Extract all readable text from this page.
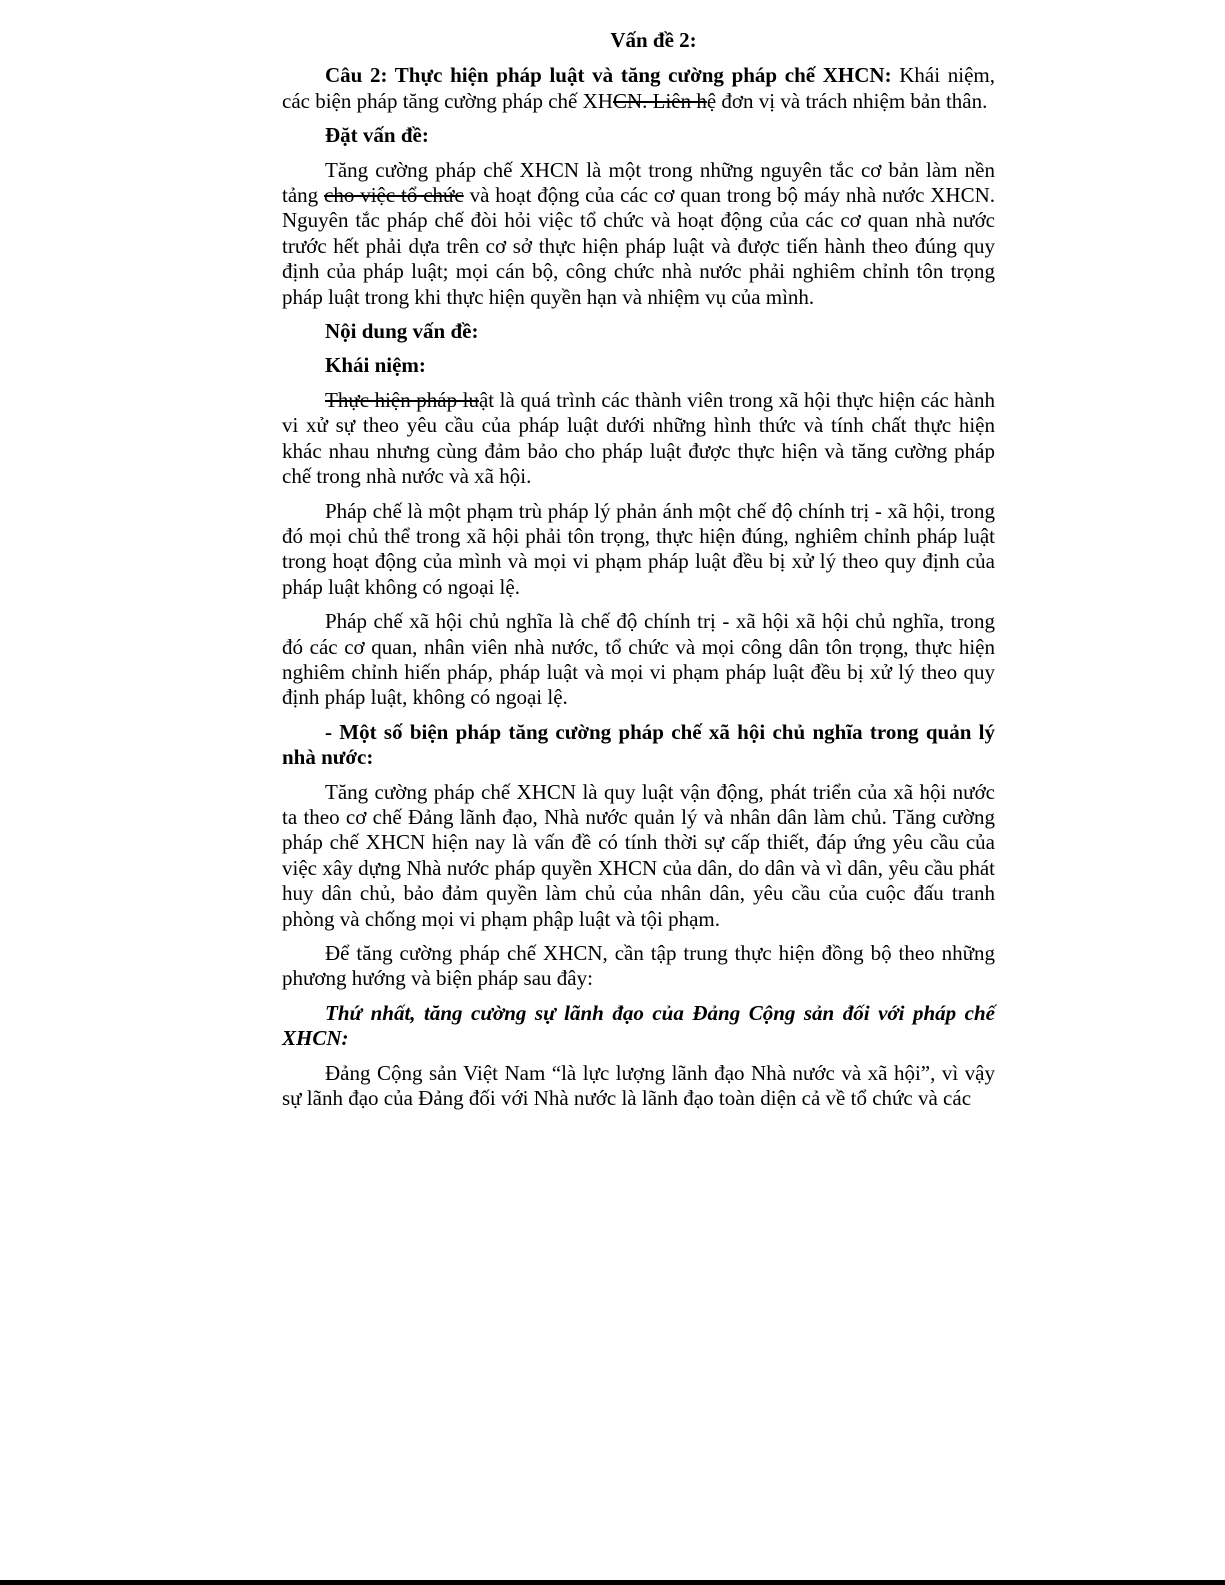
Vấn đề 2:
Câu 2: Thực hiện pháp luật và tăng cường pháp chế XHCN: Khái niệm, các biện pháp tăng cường pháp chế XHCN. Liên hệ đơn vị và trách nhiệm bản thân.
Đặt vấn đề:
Tăng cường pháp chế XHCN là một trong những nguyên tắc cơ bản làm nền tảng cho việc tổ chức và hoạt động của các cơ quan trong bộ máy nhà nước XHCN. Nguyên tắc pháp chế đòi hỏi việc tổ chức và hoạt động của các cơ quan nhà nước trước hết phải dựa trên cơ sở thực hiện pháp luật và được tiến hành theo đúng quy định của pháp luật; mọi cán bộ, công chức nhà nước phải nghiêm chỉnh tôn trọng pháp luật trong khi thực hiện quyền hạn và nhiệm vụ của mình.
Nội dung vấn đề:
Khái niệm:
Thực hiện pháp luật là quá trình các thành viên trong xã hội thực hiện các hành vi xử sự theo yêu cầu của pháp luật dưới những hình thức và tính chất thực hiện khác nhau nhưng cùng đảm bảo cho pháp luật được thực hiện và tăng cường pháp chế trong nhà nước và xã hội.
Pháp chế là một phạm trù pháp lý phản ánh một chế độ chính trị - xã hội, trong đó mọi chủ thể trong xã hội phải tôn trọng, thực hiện đúng, nghiêm chỉnh pháp luật trong hoạt động của mình và mọi vi phạm pháp luật đều bị xử lý theo quy định của pháp luật không có ngoại lệ.
Pháp chế xã hội chủ nghĩa là chế độ chính trị - xã hội xã hội chủ nghĩa, trong đó các cơ quan, nhân viên nhà nước, tổ chức và mọi công dân tôn trọng, thực hiện nghiêm chỉnh hiến pháp, pháp luật và mọi vi phạm pháp luật đều bị xử lý theo quy định pháp luật, không có ngoại lệ.
- Một số biện pháp tăng cường pháp chế xã hội chủ nghĩa trong quản lý nhà nước:
Tăng cường pháp chế XHCN là quy luật vận động, phát triển của xã hội nước ta theo cơ chế Đảng lãnh đạo, Nhà nước quản lý và nhân dân làm chủ. Tăng cường pháp chế XHCN hiện nay là vấn đề có tính thời sự cấp thiết, đáp ứng yêu cầu của việc xây dựng Nhà nước pháp quyền XHCN của dân, do dân và vì dân, yêu cầu phát huy dân chủ, bảo đảm quyền làm chủ của nhân dân, yêu cầu của cuộc đấu tranh phòng và chống mọi vi phạm phập luật và tội phạm.
Để tăng cường pháp chế XHCN, cần tập trung thực hiện đồng bộ theo những phương hướng và biện pháp sau đây:
Thứ nhất, tăng cường sự lãnh đạo của Đảng Cộng sản đối với pháp chế XHCN:
Đảng Cộng sản Việt Nam “là lực lượng lãnh đạo Nhà nước và xã hội”, vì vậy sự lãnh đạo của Đảng đối với Nhà nước là lãnh đạo toàn diện cả về tổ chức và các
